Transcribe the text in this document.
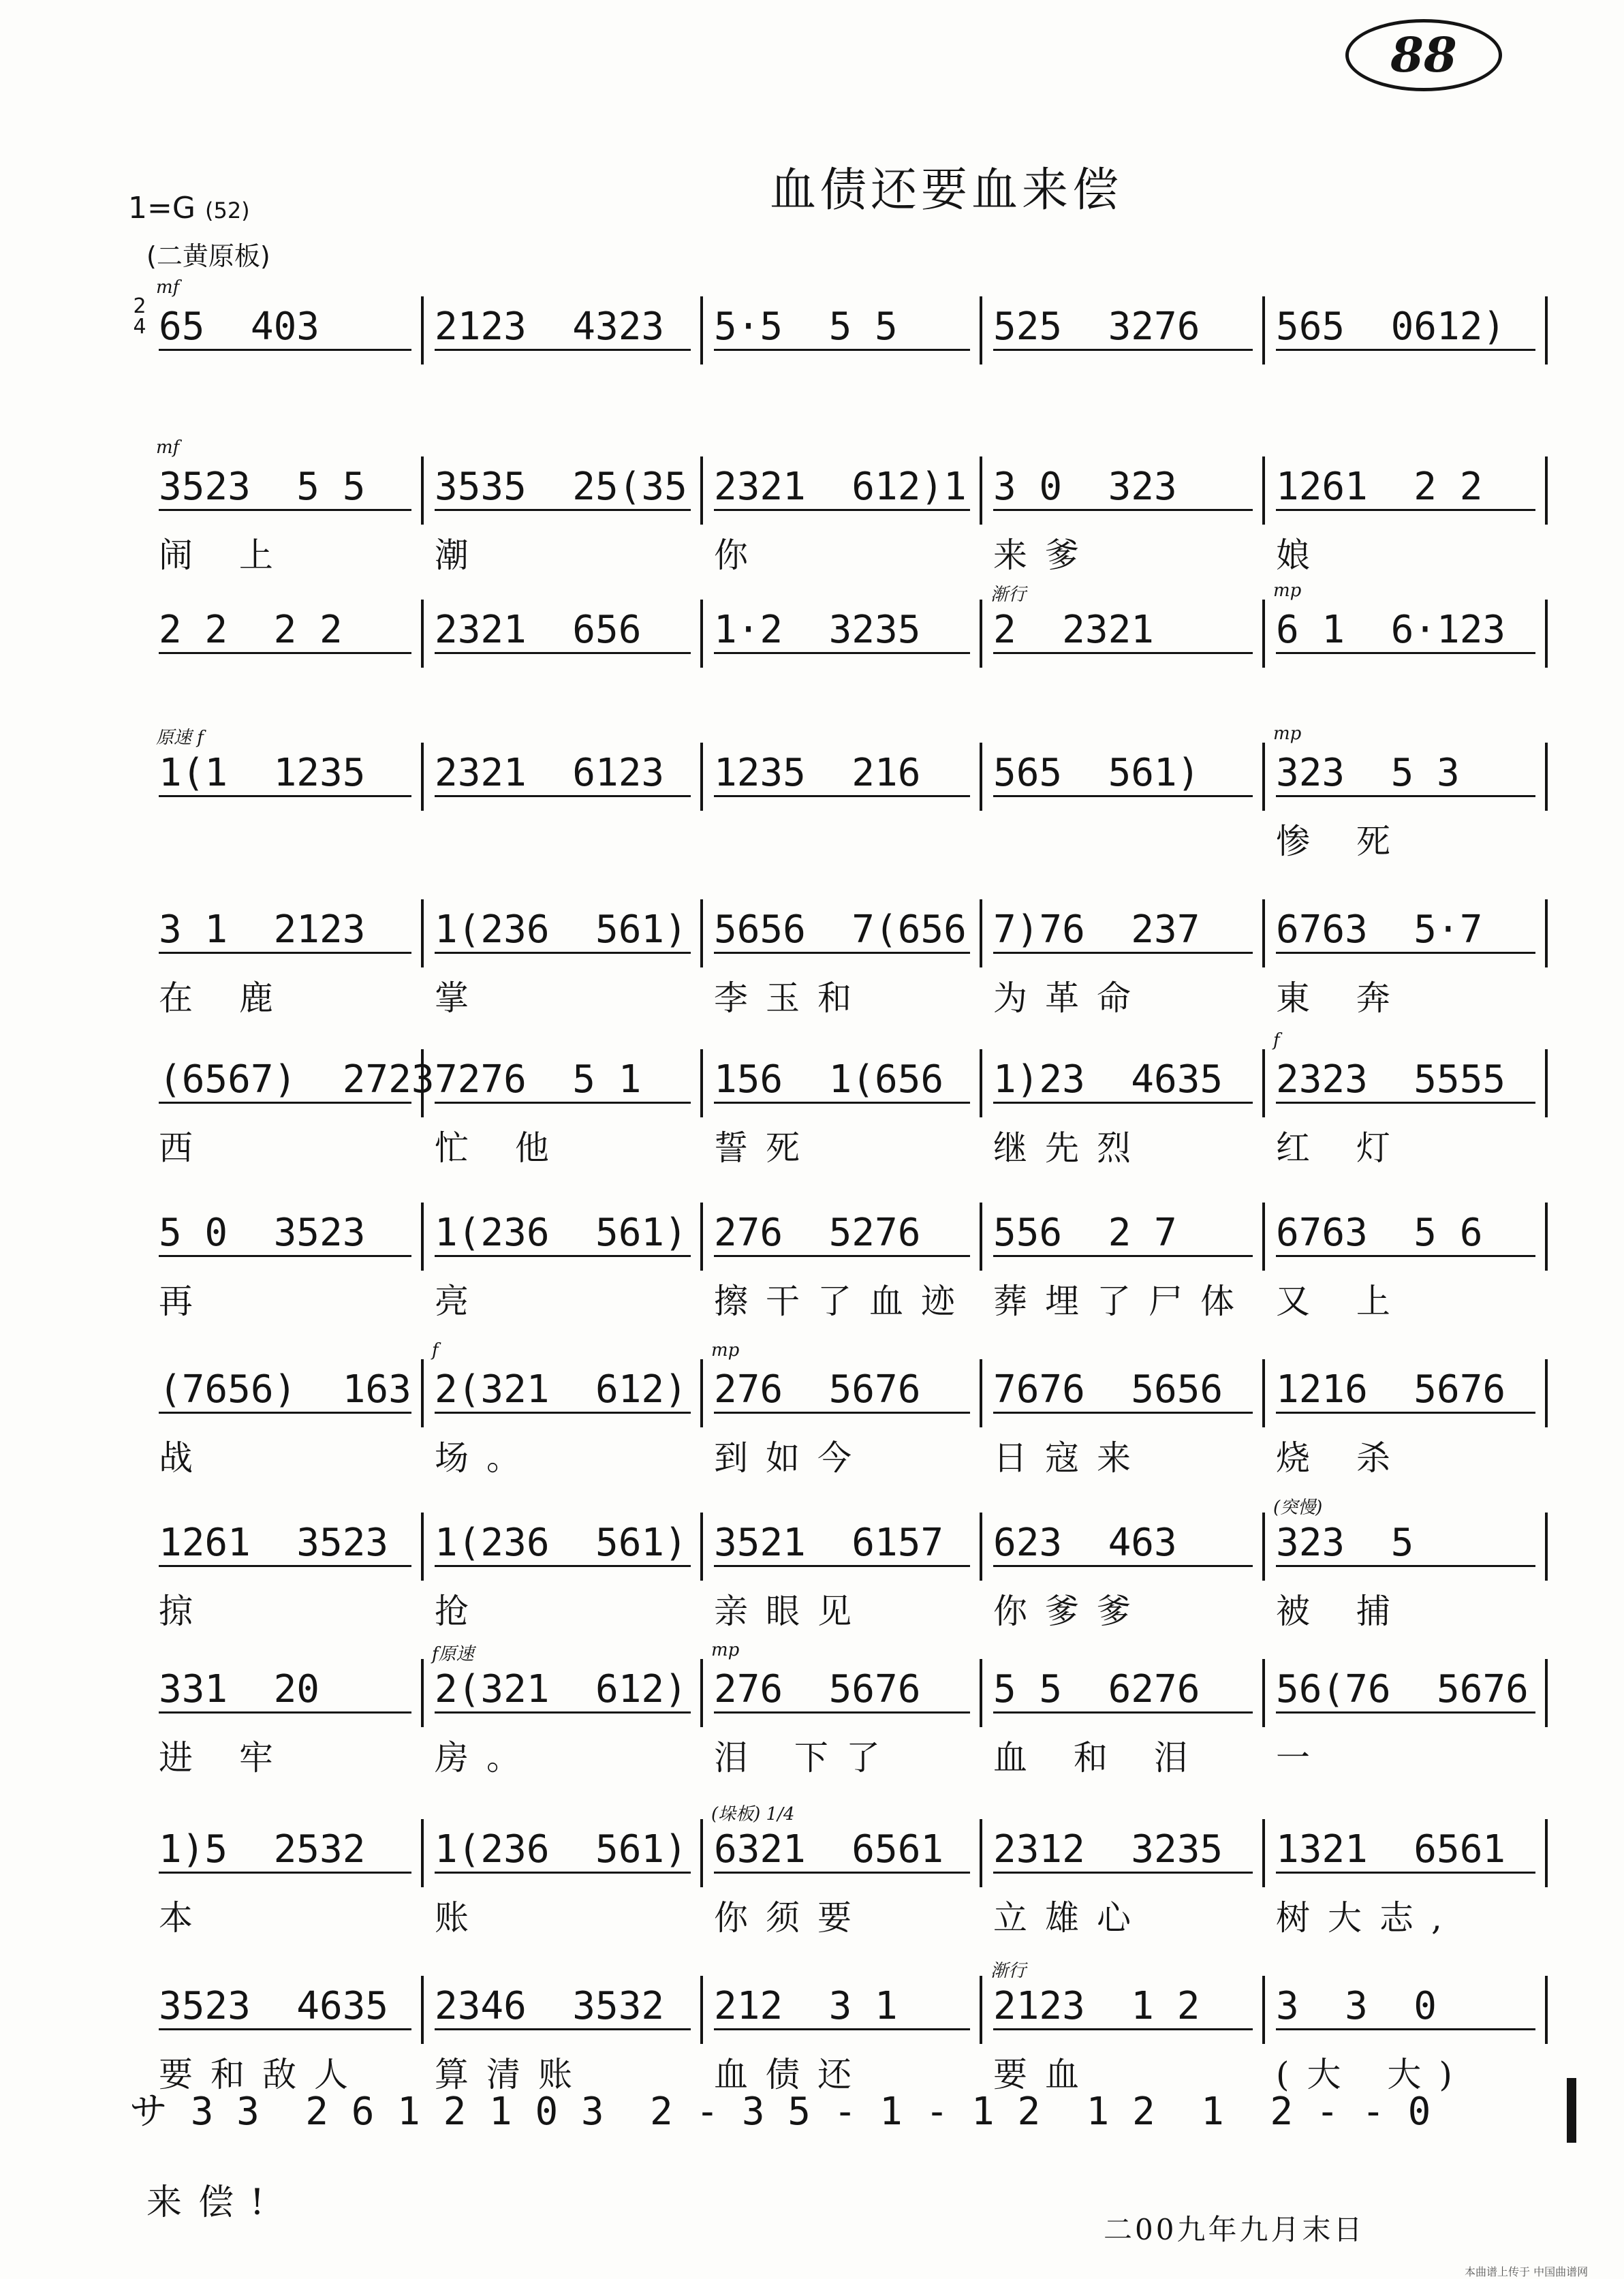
88
血债还要血来偿
1=G (52)
(二黄原板)
2
4 65  403
mf
2123  4323	5·5  5 5	525  3276	565  0612)
3523  5 5
闹 上
mf
3535  25(35
潮
2321  612)1
你
3 0  323
来爹
1261  2 2
娘
2 2  2 2	2321  656	1·2  3235	2  2321
渐行
6 1  6·123
mp
1(1  1235
原速 f
2321  6123	1235  216	565  561)	323  5 3
惨 死
mp
3 1  2123
在 鹿
1(236  561)
掌
5656  7(656
李玉和
7)76  237
为革命
6763  5·7
東 奔
(6567)  2723
西
7276  5 1
忙 他
156  1(656
誓死
1)23  4635
继先烈
2323  5555
红 灯
f
5 0  3523
再
1(236  561)
亮
276  5276
擦干了血迹
556  2 7
葬埋了尸体
6763  5 6
又 上
(7656)  163
战
2(321  612)
场。
f
276  5676
到如今
mp
7676  5656
日寇来
1216  5676
烧 杀
1261  3523
掠
1(236  561)
抢
3521  6157
亲眼见
623  463
你爹爹
323  5
被 捕
(突慢)
331  20
进 牢
2(321  612)
房。
f原速
276  5676
泪 下了
mp
5 5  6276
血 和 泪
56(76  5676
一
1)5  2532
本
1(236  561)
账
6321  6561
你须要
(垛板) 1/4
2312  3235
立雄心
1321  6561
树大志,
3523  4635
要和敌人
2346  3532
算清账
212  3 1
血债还
2123  1 2
要血
渐行
3  3  0
(大 大)
サ 3 3  2 6 1 2 1 0 3  2 - 3 5 - 1 - 1 2  1 2  1  2 - - 0
来偿!
二00九年九月末日
本曲谱上传于 中国曲谱网
